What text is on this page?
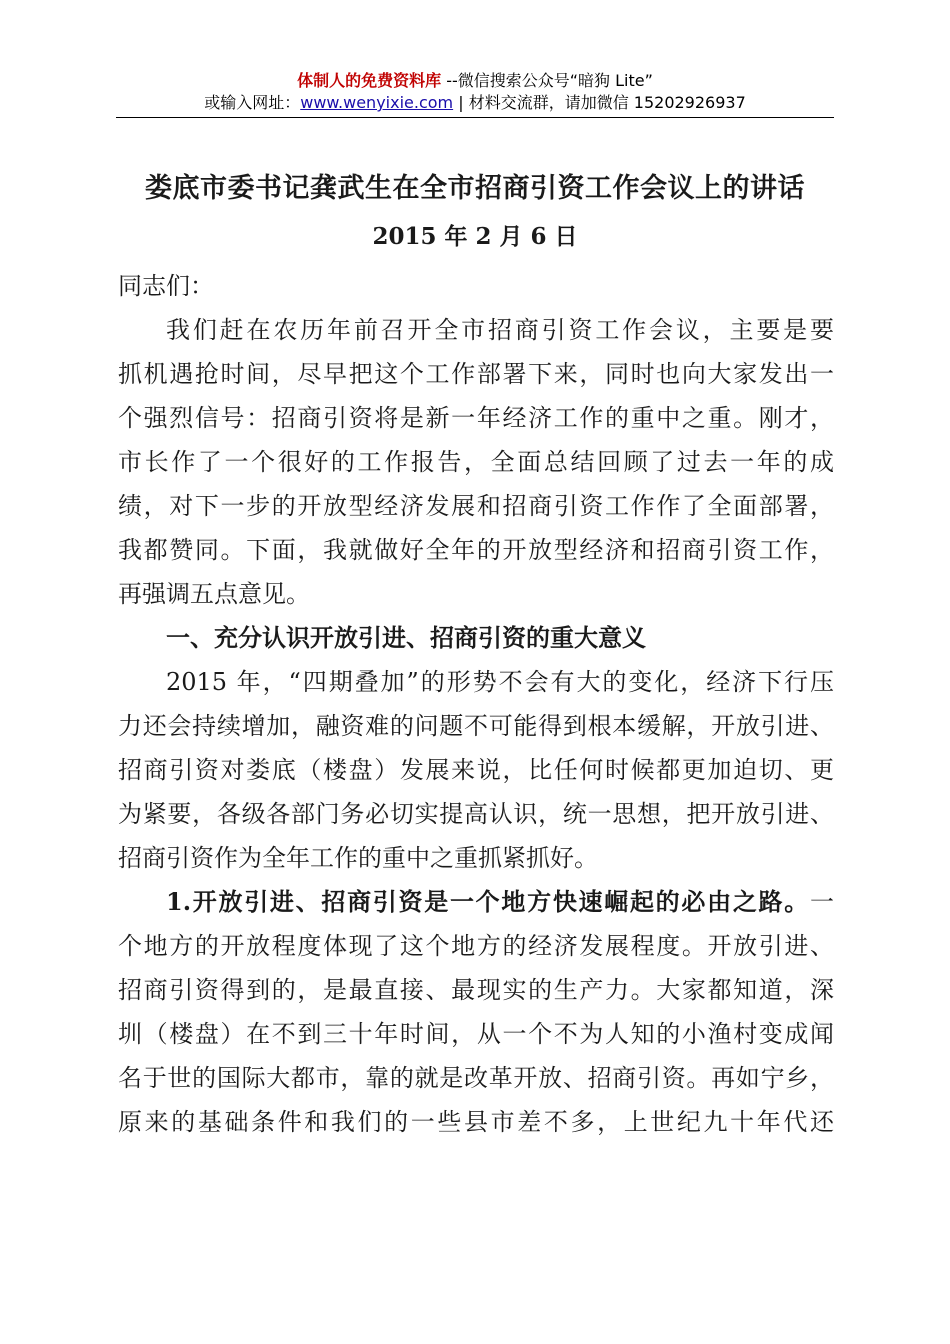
体制人的免费资料库 --微信搜索公众号“暗狗 Lite”
或输入网址：www.wenyixie.com | 材料交流群，请加微信 15202926937
娄底市委书记龚武生在全市招商引资工作会议上的讲话
2015 年 2 月 6 日

同志们：

我们赶在农历年前召开全市招商引资工作会议，主要是要
抓机遇抢时间，尽早把这个工作部署下来，同时也向大家发出一
个强烈信号：招商引资将是新一年经济工作的重中之重。刚才，
市长作了一个很好的工作报告，全面总结回顾了过去一年的成
绩，对下一步的开放型经济发展和招商引资工作作了全面部署，
我都赞同。下面，我就做好全年的开放型经济和招商引资工作，
再强调五点意见。

一、充分认识开放引进、招商引资的重大意义

2015 年，“四期叠加”的形势不会有大的变化，经济下行压
力还会持续增加，融资难的问题不可能得到根本缓解，开放引进、
招商引资对娄底（楼盘）发展来说，比任何时候都更加迫切、更
为紧要，各级各部门务必切实提高认识，统一思想，把开放引进、
招商引资作为全年工作的重中之重抓紧抓好。
1.开放引进、招商引资是一个地方快速崛起的必由之路。一
个地方的开放程度体现了这个地方的经济发展程度。开放引进、
招商引资得到的，是最直接、最现实的生产力。大家都知道，深
圳（楼盘）在不到三十年时间，从一个不为人知的小渔村变成闻
名于世的国际大都市，靠的就是改革开放、招商引资。再如宁乡，
原来的基础条件和我们的一些县市差不多，上世纪九十年代还
